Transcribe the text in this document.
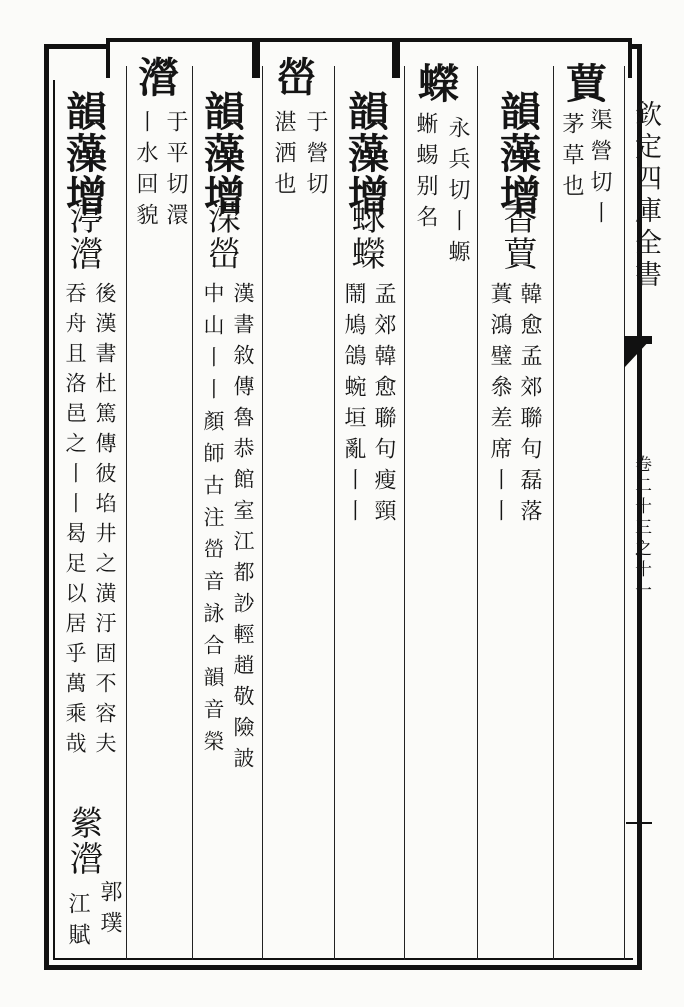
欽定四庫全書
卷二十三之十一
蕒
渠營切丨
茅草也
韻藻增
香蕒
韓愈孟郊聯句磊落
蒖鴻璧叅差席丨丨
蠑
永兵切丨螈
蜥蜴别名
韻藻增
蛷蠑
孟郊韓愈聯句瘦頸
鬧鳩鴿蜿垣亂丨丨
嵤
于營切
湛洒也
韻藻增
溁嵤
漢書敘傳魯恭館室江都訬輕趙敬險詖
中山丨丨顏師古注嵤音詠合韻音榮
瀯
于平切澴
丨水回貌
韻藻增
渟瀯
後漢書杜篤傳彼埳井之潢汙固不容夫
吞舟且洛邑之丨丨曷足以居乎萬乘哉
縈瀯
郭璞
江賦
